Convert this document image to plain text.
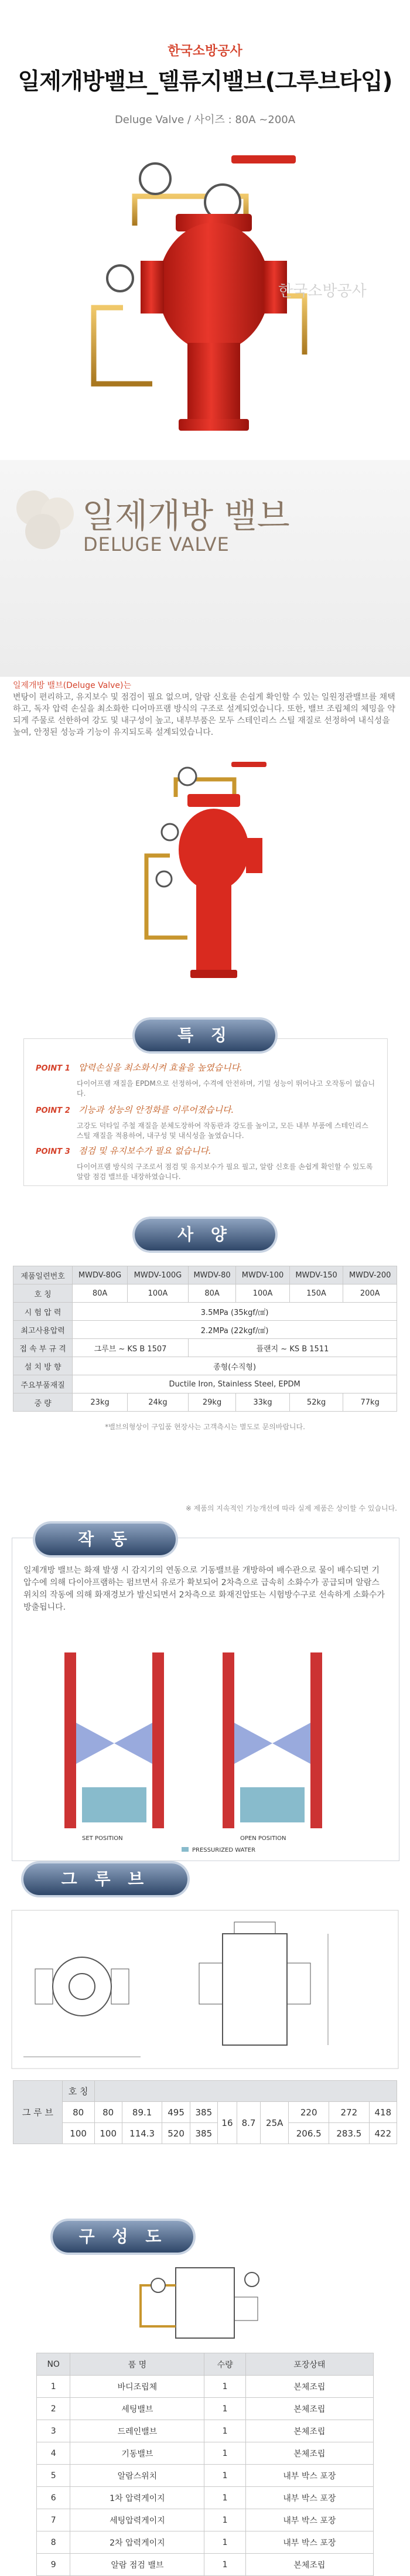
한국소방공사
일제개방밸브_델류지밸브(그루브타입)
Deluge Valve / 사이즈 : 80A ~200A
한국소방공사
일제개방 밸브
DELUGE VALVE
일제개방 밸브(Deluge Valve)는
변탕이 편리하고, 유지보수 및 점검이 필요 없으며, 알람 신호를 손쉽게 확인할 수 있는 일원정관밸브를 채택하고, 독자 압력 손실을 최소화한 디어마프램 방식의 구조로 설계되었습니다. 또한, 밸브 조립체의 체밍을 약되게 주물로 선한하여 강도 및 내구성이 높고, 내부부품은 모두 스테인리스 스틸 재질로 선정하여 내식성을 높여, 안정된 성능과 기능이 유지되도록 설계되었습니다.
POINT 1 압력손실을 최소화시켜 효율을 높였습니다.
다이어프램 재질을 EPDM으로 선정하여, 수격에 안전하며, 기밀 성능이 뛰어나고 오작동이 없습니다.
POINT 2 기능과 성능의 안정화를 이루어졌습니다.
고강도 덕타일 주철 재질을 분체도장하여 작동판과 강도를 높이고, 모든 내부 부품에 스테인리스 스틸 재질을 적용하여, 내구성 및 내식성을 높였습니다.
POINT 3 점검 및 유지보수가 필요 없습니다.
다이어프램 방식의 구조로서 점검 및 유지보수가 필요 필고, 알람 신호를 손쉽게 확인할 수 있도록 알람 점검 밸브를 내장하였습니다.
특 징
사 양
제품일련번호	MWDV-80G	MWDV-100G	MWDV-80	MWDV-100	MWDV-150	MWDV-200
호 칭	80A	100A	80A	100A	150A	200A
시 험 압 력	3.5MPa (35kgf/㎠)					
최고사용압력	2.2MPa (22kgf/㎠)					
접 속 부 규 격	그루브 ~ KS B 1507		플랜지 ~ KS B 1511			
설 치 방 향	종형(수직형)					
주요부품재질	Ductile Iron, Stainless Steel, EPDM					
중 량	23kg	24kg	29kg	33kg	52kg	77kg
*밸브의형상이 구입품 현장사는 고객측시는 별도로 문의바랍니다.
※ 제품의 지속적인 기능개선에 따라 실제 제품은 상이할 수 있습니다.
작 동
일제개방 밸브는 화재 발생 시 감지기의 연동으로 기동밸브를 개방하여 배수관으로 물이 배수되면 기압수에 의해 다이아프램하는 펌브면서 유로가 확보되어 2차측으로 급속히 소화수가 공급되며 알람스위치의 작동에 의해 화재경보가 발신되면서 2차측으로 화재진압또는 시험방수구로 선속하게 소화수가 방출됩니다.
SET POSITION	OPEN POSITION
PRESSURIZED WATER
그 루 브
그 루 브	호 칭										
	80	80	89.1	495	385	16	8.7	25A	220	272	418
	100	100	114.3	520	385				206.5	283.5	422
구 성 도
NO	품 명	수량	포장상태
1	바디조립체	1	본체조립
2	세팅밸브	1	본체조립
3	드레인밸브	1	본체조립
4	기동밸브	1	본체조립
5	알람스위치	1	내부 박스 포장
6	1차 압력게이지	1	내부 박스 포장
7	세팅압력게이지	1	내부 박스 포장
8	2차 압력게이지	1	내부 박스 포장
9	알람 점검 밸브	1	본체조립
